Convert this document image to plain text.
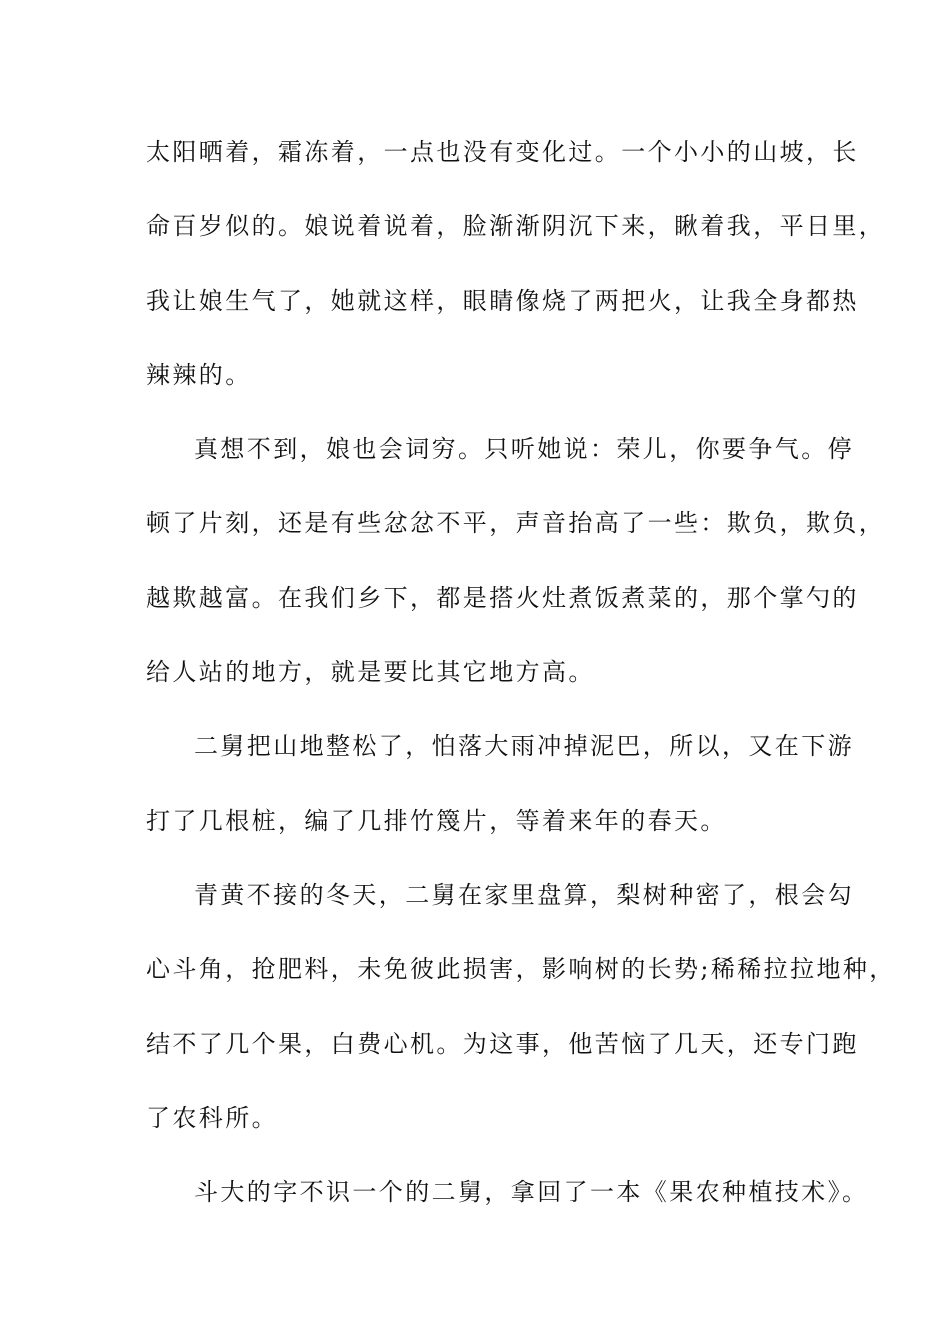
太阳晒着，霜冻着，一点也没有变化过。一个小小的山坡，长
命百岁似的。娘说着说着，脸渐渐阴沉下来，瞅着我，平日里，
我让娘生气了，她就这样，眼睛像烧了两把火，让我全身都热
辣辣的。
真想不到，娘也会词穷。只听她说：荣儿，你要争气。停
顿了片刻，还是有些忿忿不平，声音抬高了一些：欺负，欺负，
越欺越富。在我们乡下，都是搭火灶煮饭煮菜的，那个掌勺的
给人站的地方，就是要比其它地方高。
二舅把山地整松了，怕落大雨冲掉泥巴，所以，又在下游
打了几根桩，编了几排竹篾片，等着来年的春天。
青黄不接的冬天，二舅在家里盘算，梨树种密了，根会勾
心斗角，抢肥料，未免彼此损害，影响树的长势;稀稀拉拉地种，
结不了几个果，白费心机。为这事，他苦恼了几天，还专门跑
了农科所。
斗大的字不识一个的二舅，拿回了一本《果农种植技术》。
